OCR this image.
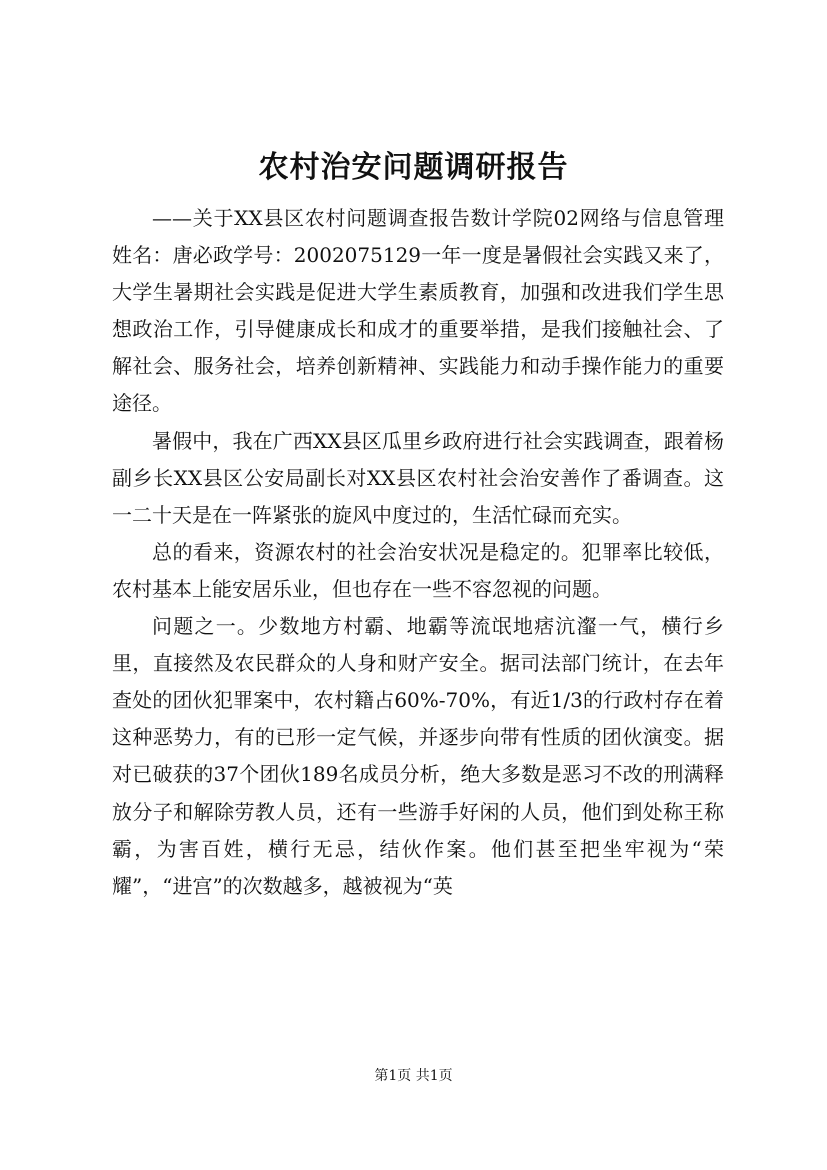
农村治安问题调研报告

——关于XX县区农村问题调查报告数计学院02网络与信息管理姓名：唐必政学号：2002075129一年一度是暑假社会实践又来了，大学生暑期社会实践是促进大学生素质教育，加强和改进我们学生思想政治工作，引导健康成长和成才的重要举措，是我们接触社会、了解社会、服务社会，培养创新精神、实践能力和动手操作能力的重要途径。

暑假中，我在广西XX县区瓜里乡政府进行社会实践调查，跟着杨副乡长XX县区公安局副长对XX县区农村社会治安善作了番调查。这一二十天是在一阵紧张的旋风中度过的，生活忙碌而充实。

总的看来，资源农村的社会治安状况是稳定的。犯罪率比较低，农村基本上能安居乐业，但也存在一些不容忽视的问题。

问题之一。少数地方村霸、地霸等流氓地痞沆瀣一气，横行乡里，直接然及农民群众的人身和财产安全。据司法部门统计，在去年查处的团伙犯罪案中，农村籍占60%-70%，有近1/3的行政村存在着这种恶势力，有的已形一定气候，并逐步向带有性质的团伙演变。据对已破获的37个团伙189名成员分析，绝大多数是恶习不改的刑满释放分子和解除劳教人员，还有一些游手好闲的人员，他们到处称王称霸，为害百姓，横行无忌，结伙作案。他们甚至把坐牢视为“荣耀”，“进宫”的次数越多，越被视为“英

第1页 共1页
